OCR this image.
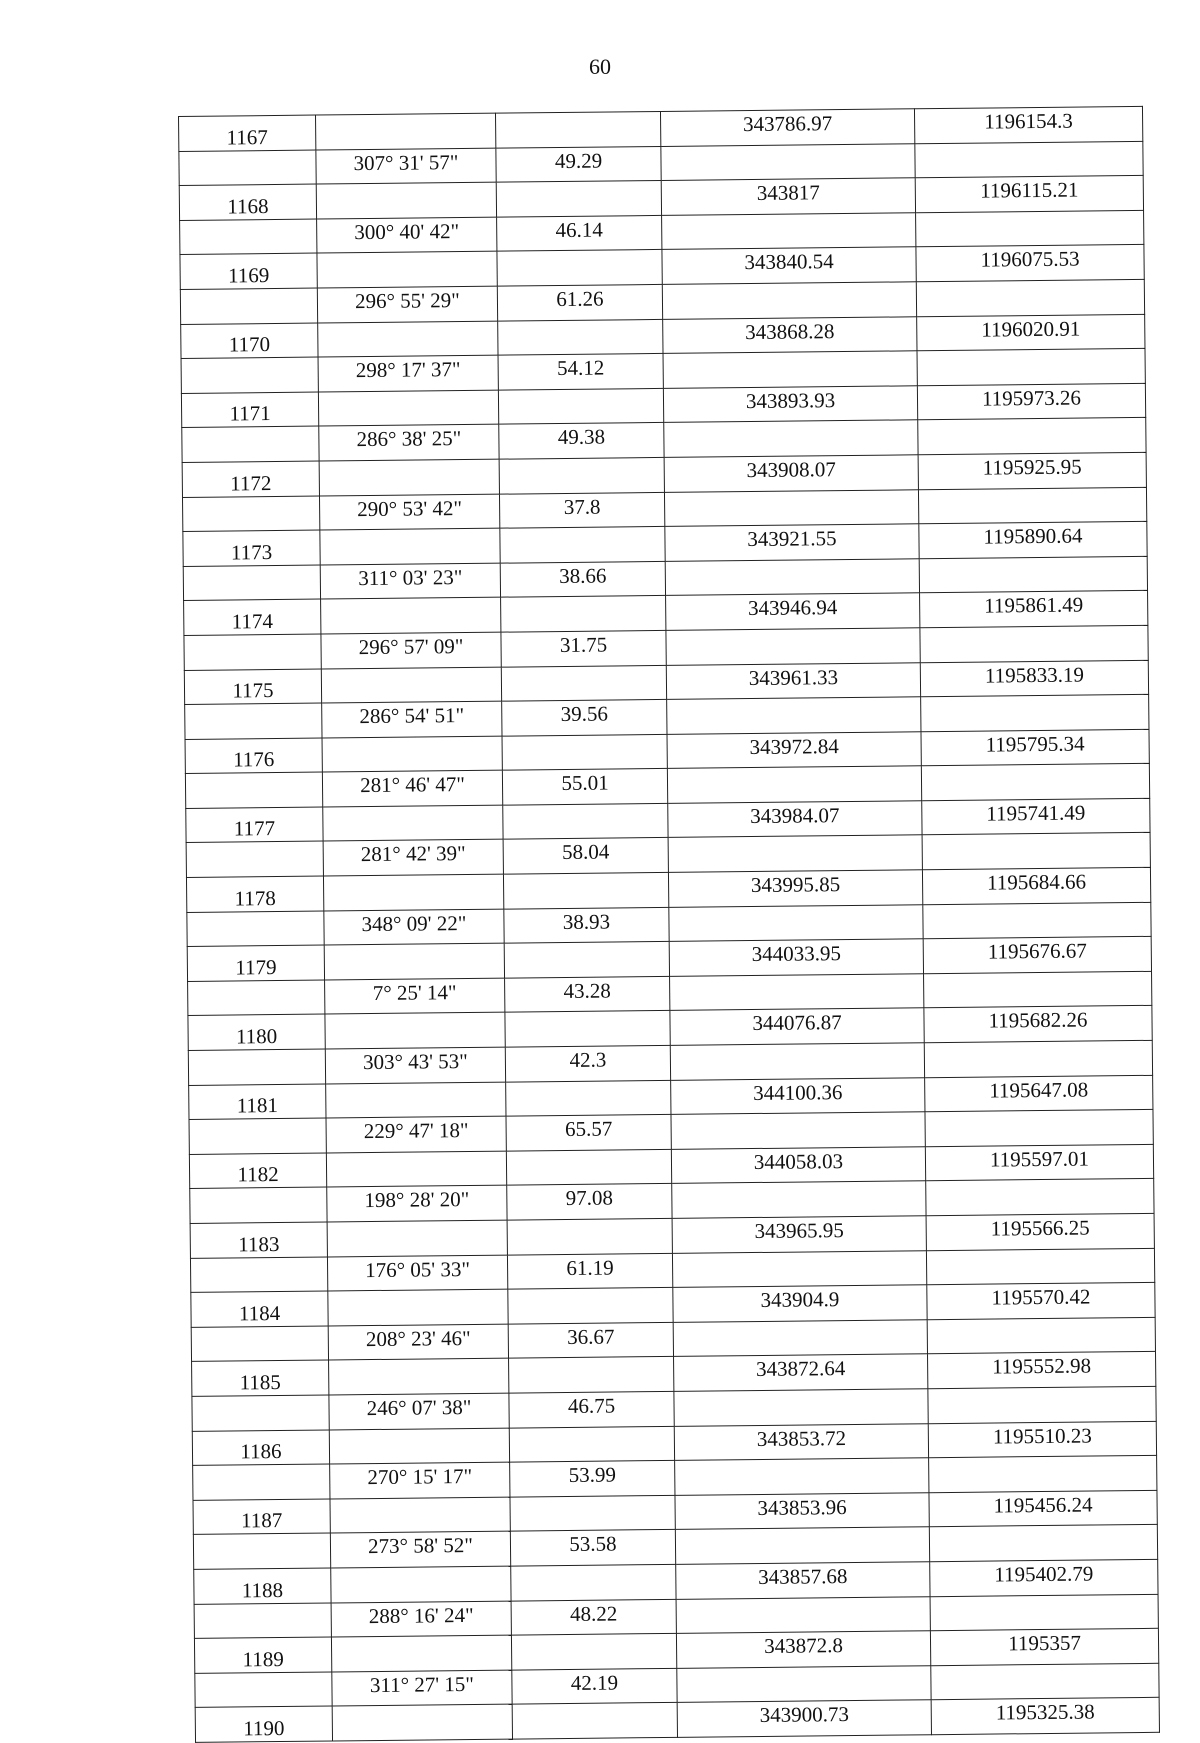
60
1167			343786.97	1196154.3
	307° 31' 57"	49.29		
1168			343817	1196115.21
	300° 40' 42"	46.14		
1169			343840.54	1196075.53
	296° 55' 29"	61.26		
1170			343868.28	1196020.91
	298° 17' 37"	54.12		
1171			343893.93	1195973.26
	286° 38' 25"	49.38		
1172			343908.07	1195925.95
	290° 53' 42"	37.8		
1173			343921.55	1195890.64
	311° 03' 23"	38.66		
1174			343946.94	1195861.49
	296° 57' 09"	31.75		
1175			343961.33	1195833.19
	286° 54' 51"	39.56		
1176			343972.84	1195795.34
	281° 46' 47"	55.01		
1177			343984.07	1195741.49
	281° 42' 39"	58.04		
1178			343995.85	1195684.66
	348° 09' 22"	38.93		
1179			344033.95	1195676.67
	7° 25' 14"	43.28		
1180			344076.87	1195682.26
	303° 43' 53"	42.3		
1181			344100.36	1195647.08
	229° 47' 18"	65.57		
1182			344058.03	1195597.01
	198° 28' 20"	97.08		
1183			343965.95	1195566.25
	176° 05' 33"	61.19		
1184			343904.9	1195570.42
	208° 23' 46"	36.67		
1185			343872.64	1195552.98
	246° 07' 38"	46.75		
1186			343853.72	1195510.23
	270° 15' 17"	53.99		
1187			343853.96	1195456.24
	273° 58' 52"	53.58		
1188			343857.68	1195402.79
	288° 16' 24"	48.22		
1189			343872.8	1195357
	311° 27' 15"	42.19		
1190			343900.73	1195325.38
